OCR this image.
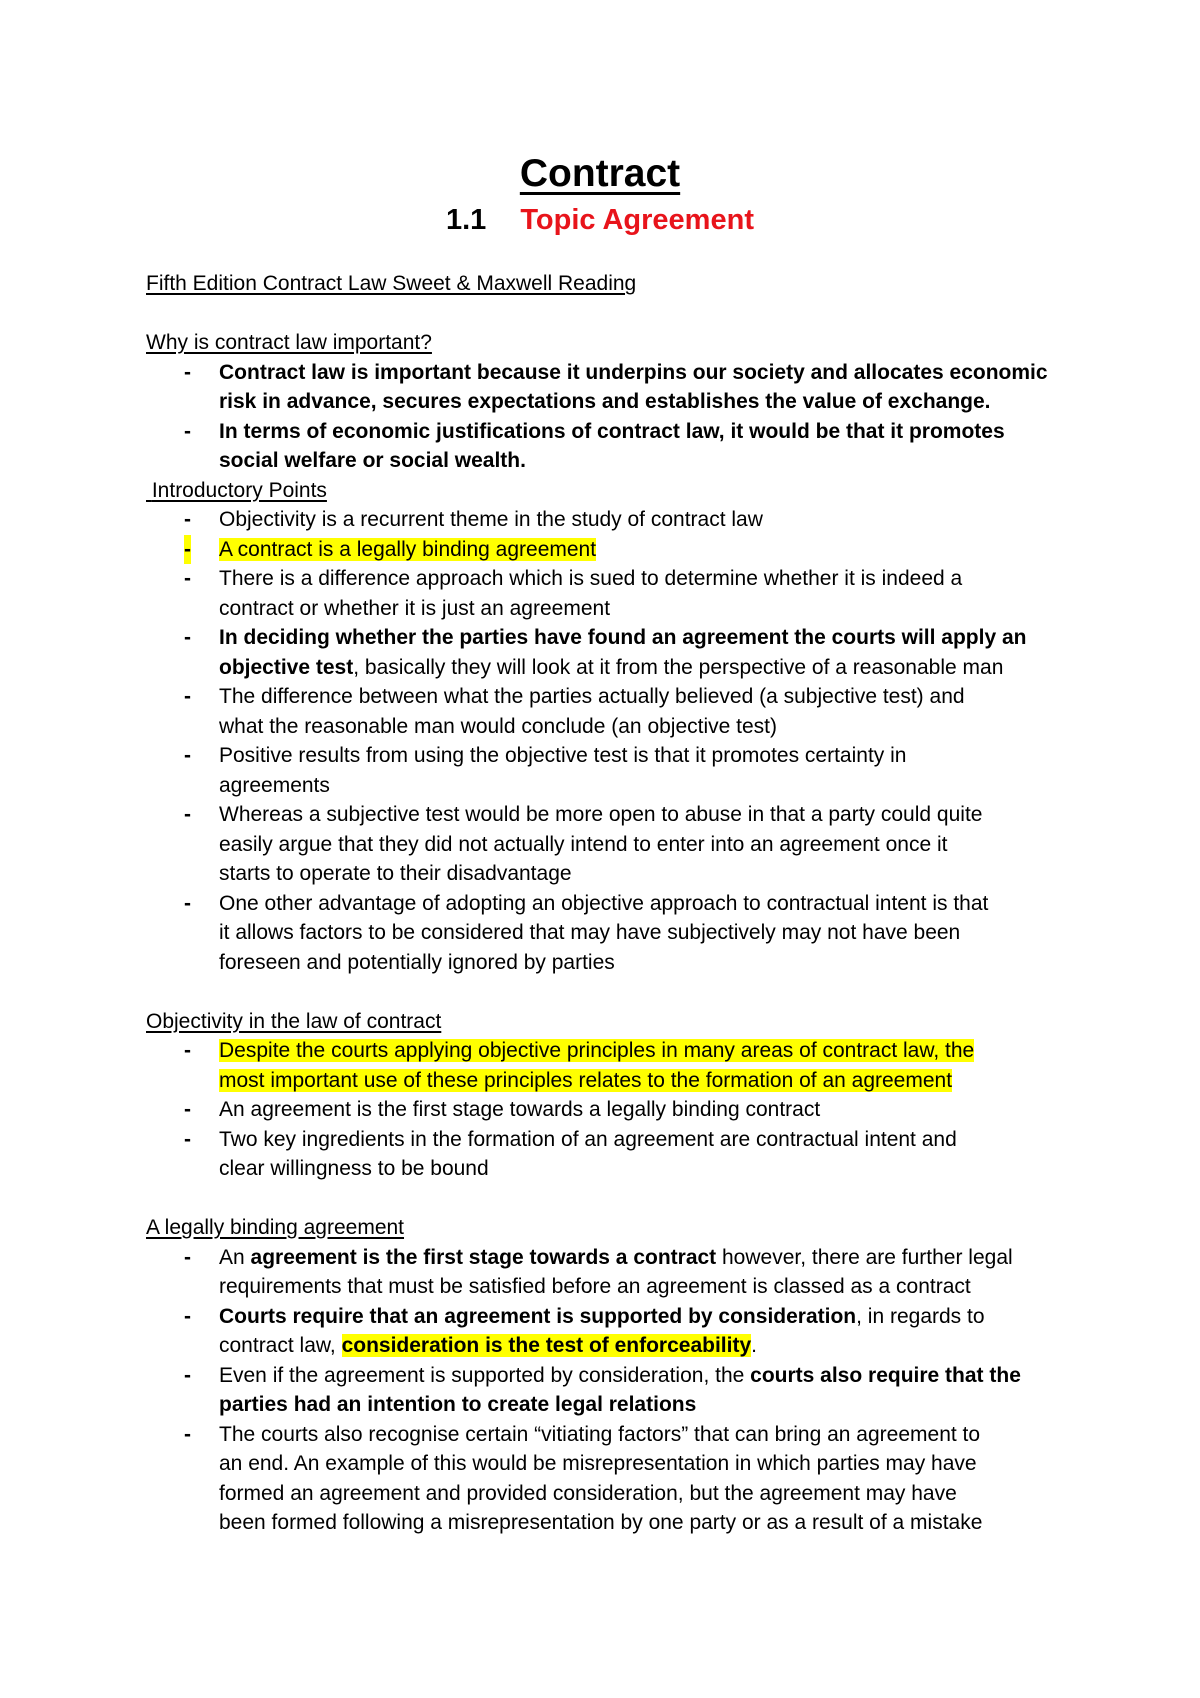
Contract
1.1 Topic Agreement
Fifth Edition Contract Law Sweet & Maxwell Reading
Why is contract law important?
- Contract law is important because it underpins our society and allocates economic
risk in advance, secures expectations and establishes the value of exchange.
- In terms of economic justifications of contract law, it would be that it promotes
social welfare or social wealth.
Introductory Points
- Objectivity is a recurrent theme in the study of contract law
- A contract is a legally binding agreement
- There is a difference approach which is sued to determine whether it is indeed a
contract or whether it is just an agreement
- In deciding whether the parties have found an agreement the courts will apply an
objective test, basically they will look at it from the perspective of a reasonable man
- The difference between what the parties actually believed (a subjective test) and
what the reasonable man would conclude (an objective test)
- Positive results from using the objective test is that it promotes certainty in
agreements
- Whereas a subjective test would be more open to abuse in that a party could quite
easily argue that they did not actually intend to enter into an agreement once it
starts to operate to their disadvantage
- One other advantage of adopting an objective approach to contractual intent is that
it allows factors to be considered that may have subjectively may not have been
foreseen and potentially ignored by parties
Objectivity in the law of contract
- Despite the courts applying objective principles in many areas of contract law, the
most important use of these principles relates to the formation of an agreement
- An agreement is the first stage towards a legally binding contract
- Two key ingredients in the formation of an agreement are contractual intent and
clear willingness to be bound
A legally binding agreement
- An agreement is the first stage towards a contract however, there are further legal
requirements that must be satisfied before an agreement is classed as a contract
- Courts require that an agreement is supported by consideration, in regards to
contract law, consideration is the test of enforceability.
- Even if the agreement is supported by consideration, the courts also require that the
parties had an intention to create legal relations
- The courts also recognise certain “vitiating factors” that can bring an agreement to
an end. An example of this would be misrepresentation in which parties may have
formed an agreement and provided consideration, but the agreement may have
been formed following a misrepresentation by one party or as a result of a mistake
